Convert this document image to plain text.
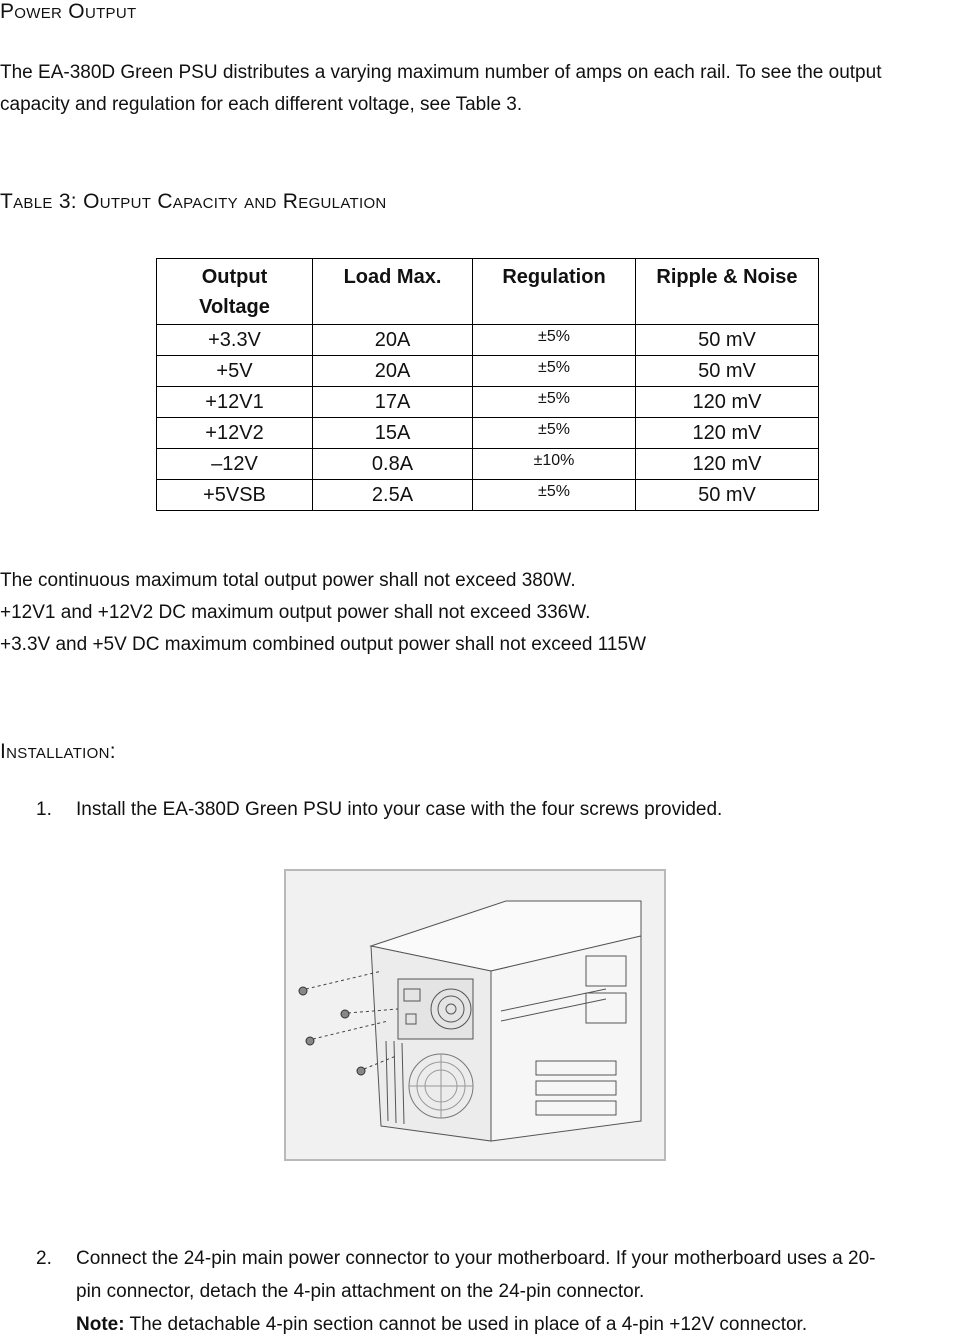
Power Output
The EA-380D Green PSU distributes a varying maximum number of amps on each rail. To see the output
capacity and regulation for each different voltage, see Table 3.
Table 3: Output Capacity and Regulation
Output Voltage	Load Max.	Regulation	Ripple & Noise
+3.3V	20A	±5%	50 mV
+5V	20A	±5%	50 mV
+12V1	17A	±5%	120 mV
+12V2	15A	±5%	120 mV
–12V	0.8A	±10%	120 mV
+5VSB	2.5A	±5%	50 mV
The continuous maximum total output power shall not exceed 380W.
+12V1 and +12V2 DC maximum output power shall not exceed 336W.
+3.3V and +5V DC maximum combined output power shall not exceed 115W
Installation:
1. Install the EA-380D Green PSU into your case with the four screws provided.
2. Connect the 24-pin main power connector to your motherboard. If your motherboard uses a 20-
pin connector, detach the 4-pin attachment on the 24-pin connector.
Note: The detachable 4-pin section cannot be used in place of a 4-pin +12V connector.
